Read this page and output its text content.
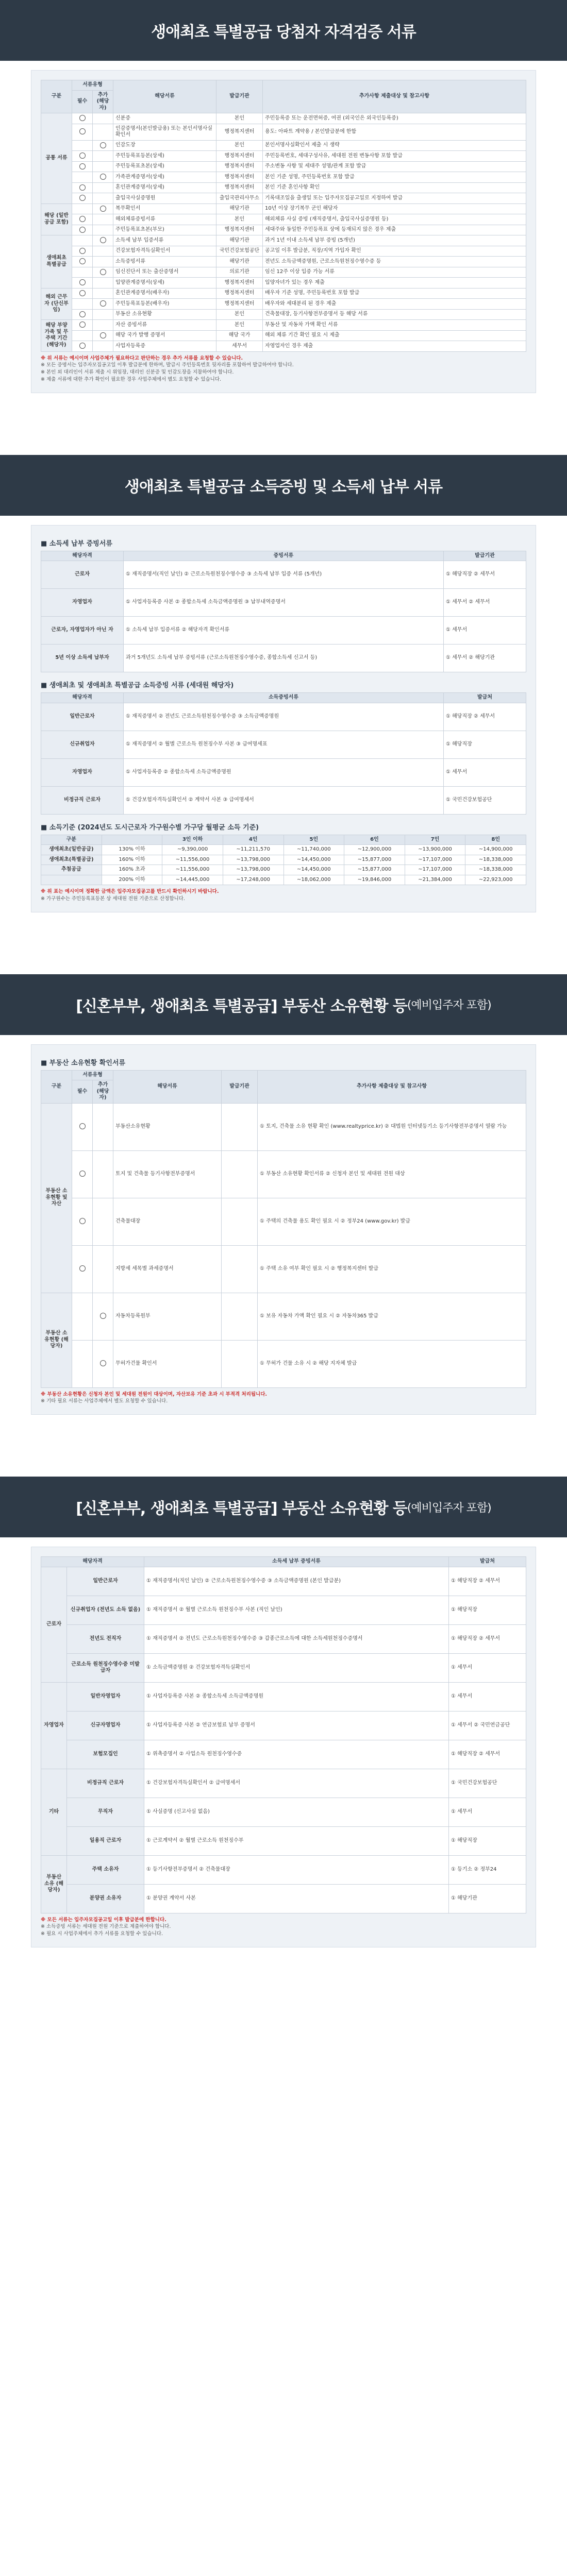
생애최초 특별공급 당첨자 자격검증 서류
구분	서류유형		해당서류	발급기관	추가사항 제출대상 및 참고사항
	필수	추가(해당자)			
공통 서류			신분증	본인	주민등록증 또는 운전면허증, 여권 (외국인은 외국인등록증)
			인감증명서(본인발급용) 또는 본인서명사실확인서	행정복지센터	용도: 아파트 계약용 / 본인발급분에 한함
			인감도장	본인	본인서명사실확인서 제출 시 생략
			주민등록표등본(상세)	행정복지센터	주민등록번호, 세대구성사유, 세대원 전원 변동사항 포함 발급
			주민등록표초본(상세)	행정복지센터	주소변동 사항 및 세대주 성명/관계 포함 발급
			가족관계증명서(상세)	행정복지센터	본인 기준 성명, 주민등록번호 포함 발급
			혼인관계증명서(상세)	행정복지센터	본인 기준 혼인사항 확인
			출입국사실증명원	출입국관리사무소	기록대조일을 출생일 또는 입주자모집공고일로 지정하여 발급
해당 (일반공급 포함)			복무확인서	해당기관	10년 이상 장기복무 군인 해당자
			해외체류증빙서류	본인	해외체류 사실 증빙 (재직증명서, 출입국사실증명원 등)
			주민등록표초본(부모)	행정복지센터	세대주와 동일한 주민등록표 상에 등재되지 않은 경우 제출
생애최초 특별공급			소득세 납부 입증서류	해당기관	과거 1년 이내 소득세 납부 증빙 (5개년)
			건강보험자격득실확인서	국민건강보험공단	공고일 이후 발급분, 직장/지역 가입자 확인
			소득증빙서류	해당기관	전년도 소득금액증명원, 근로소득원천징수영수증 등
			임신진단서 또는 출산증명서	의료기관	임신 12주 이상 입증 가능 서류
			입양관계증명서(상세)	행정복지센터	입양자녀가 있는 경우 제출
해외 근무자 (단신부임)			혼인관계증명서(배우자)	행정복지센터	배우자 기준 성명, 주민등록번호 포함 발급
			주민등록표등본(배우자)	행정복지센터	배우자와 세대분리 된 경우 제출
			부동산 소유현황	본인	건축물대장, 등기사항전부증명서 등 해당 서류
해당 부양가족 및 무주택 기간 (해당자)			자산 증빙서류	본인	부동산 및 자동차 가액 확인 서류
			해당 국가 발행 증명서	해당 국가	해외 체류 기간 확인 필요 시 제출
			사업자등록증	세무서	자영업자인 경우 제출

※ 위 서류는 예시이며 사업주체가 필요하다고 판단하는 경우 추가 서류를 요청할 수 있습니다.

※ 모든 증명서는 입주자모집공고일 이후 발급분에 한하며, 발급시 주민등록번호 뒷자리를 포함하여 발급하여야 합니다.

※ 본인 외 대리인이 서류 제출 시 위임장, 대리인 신분증 및 인감도장을 지참하여야 합니다.

※ 제출 서류에 대한 추가 확인이 필요한 경우 사업주체에서 별도 요청할 수 있습니다.

생애최초 특별공급 소득증빙 및 소득세 납부 서류
■ 소득세 납부 증빙서류
해당자격	증빙서류	발급기관
근로자	① 재직증명서(직인 날인) ② 근로소득원천징수영수증 ③ 소득세 납부 입증 서류 (5개년)	① 해당직장 ② 세무서
자영업자	① 사업자등록증 사본 ② 종합소득세 소득금액증명원 ③ 납부내역증명서	① 세무서 ② 세무서
근로자, 자영업자가 아닌 자	① 소득세 납부 입증서류 ② 해당자격 확인서류	① 세무서
5년 이상 소득세 납부자	과거 5개년도 소득세 납부 증빙서류 (근로소득원천징수영수증, 종합소득세 신고서 등)	① 세무서 ② 해당기관
■ 생애최초 및 생애최초 특별공급 소득증빙 서류 (세대원 해당자)
해당자격	소득증빙서류	발급처
일반근로자	① 재직증명서 ② 전년도 근로소득원천징수영수증 ③ 소득금액증명원	① 해당직장 ② 세무서
신규취업자	① 재직증명서 ② 월별 근로소득 원천징수부 사본 ③ 급여명세표	① 해당직장
자영업자	① 사업자등록증 ② 종합소득세 소득금액증명원	① 세무서
비정규직 근로자	① 건강보험자격득실확인서 ② 계약서 사본 ③ 급여명세서	① 국민건강보험공단
■ 소득기준 (2024년도 도시근로자 가구원수별 가구당 월평균 소득 기준)
구분		3인 이하	4인	5인	6인	7인	8인
생애최초(일반공급)	130% 이하	~9,390,000	~11,211,570	~11,740,000	~12,900,000	~13,900,000	~14,900,000
생애최초(특별공급)	160% 이하	~11,556,000	~13,798,000	~14,450,000	~15,877,000	~17,107,000	~18,338,000
추첨공급	160% 초과	~11,556,000	~13,798,000	~14,450,000	~15,877,000	~17,107,000	~18,338,000
	200% 이하	~14,445,000	~17,248,000	~18,062,000	~19,846,000	~21,384,000	~22,923,000

※ 위 표는 예시이며 정확한 금액은 입주자모집공고를 반드시 확인하시기 바랍니다.

※ 가구원수는 주민등록표등본 상 세대원 전원 기준으로 산정합니다.

[신혼부부, 생애최초 특별공급] 부동산 소유현황 등 (예비입주자 포함)
■ 부동산 소유현황 확인서류
구분	서류유형		해당서류	발급기관	추가사항 제출대상 및 참고사항
	필수	추가(해당자)			
부동산 소유현황 및 자산			부동산소유현황		① 토지, 건축물 소유 현황 확인 (www.realtyprice.kr) ② 대법원 인터넷등기소 등기사항전부증명서 열람 가능
			토지 및 건축물 등기사항전부증명서		① 부동산 소유현황 확인서류 ② 신청자 본인 및 세대원 전원 대상
			건축물대장		① 주택의 건축물 용도 확인 필요 시 ② 정부24 (www.gov.kr) 발급
			지방세 세목별 과세증명서		① 주택 소유 여부 확인 필요 시 ② 행정복지센터 발급
부동산 소유현황 (해당자)			자동차등록원부		① 보유 자동차 가액 확인 필요 시 ② 자동차365 발급
			무허가건물 확인서		① 무허가 건물 소유 시 ② 해당 지자체 발급

※ 부동산 소유현황은 신청자 본인 및 세대원 전원이 대상이며, 자산보유 기준 초과 시 부적격 처리됩니다.

※ 기타 필요 서류는 사업주체에서 별도 요청할 수 있습니다.

[신혼부부, 생애최초 특별공급] 부동산 소유현황 등 (예비입주자 포함)
해당자격		소득세 납부 증빙서류	발급처
근로자	일반근로자	① 재직증명서(직인 날인) ② 근로소득원천징수영수증 ③ 소득금액증명원 (본인 발급분)	① 해당직장 ② 세무서
	신규취업자 (전년도 소득 없음)	① 재직증명서 ② 월별 근로소득 원천징수부 사본 (직인 날인)	① 해당직장
	전년도 전직자	① 재직증명서 ② 전년도 근로소득원천징수영수증 ③ 갑종근로소득에 대한 소득세원천징수증명서	① 해당직장 ② 세무서
	근로소득 원천징수영수증 미발급자	① 소득금액증명원 ② 건강보험자격득실확인서	① 세무서
자영업자	일반자영업자	① 사업자등록증 사본 ② 종합소득세 소득금액증명원	① 세무서
	신규자영업자	① 사업자등록증 사본 ② 연금보험료 납부 증명서	① 세무서 ② 국민연금공단
	보험모집인	① 위촉증명서 ② 사업소득 원천징수영수증	① 해당직장 ② 세무서
기타	비정규직 근로자	① 건강보험자격득실확인서 ② 급여명세서	① 국민건강보험공단
	무직자	① 사실증명 (신고사실 없음)	① 세무서
	일용직 근로자	① 근로계약서 ② 월별 근로소득 원천징수부	① 해당직장
부동산 소유 (해당자)	주택 소유자	① 등기사항전부증명서 ② 건축물대장	① 등기소 ② 정부24
	분양권 소유자	① 분양권 계약서 사본	① 해당기관

※ 모든 서류는 입주자모집공고일 이후 발급분에 한합니다.

※ 소득증빙 서류는 세대원 전원 기준으로 제출하여야 합니다.

※ 필요 시 사업주체에서 추가 서류를 요청할 수 있습니다.
